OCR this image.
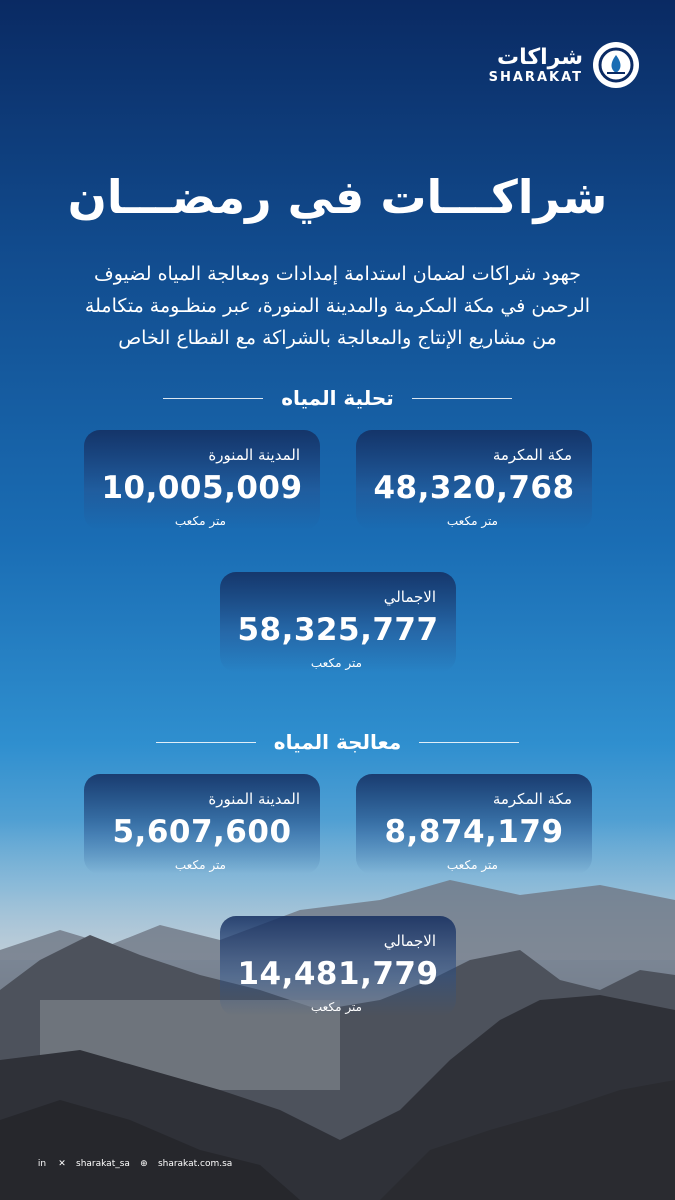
شراكات
SHARAKAT
شراكـــات في رمضـــان
جهود شراكات لضمان استدامة إمدادات ومعالجة المياه لضيوف الرحمن في مكة المكرمة والمدينة المنورة، عبر منظـومة متكاملة من مشاريع الإنتاج والمعالجة بالشراكة مع القطاع الخاص
تحلية المياه
مكة المكرمة
48,320,768
متر مكعب
المدينة المنورة
10,005,009
متر مكعب
الاجمالي
58,325,777
متر مكعب
معالجة المياه
مكة المكرمة
8,874,179
متر مكعب
المدينة المنورة
5,607,600
متر مكعب
الاجمالي
14,481,779
متر مكعب
in ✕ sharakat_sa ⊕ sharakat.com.sa
